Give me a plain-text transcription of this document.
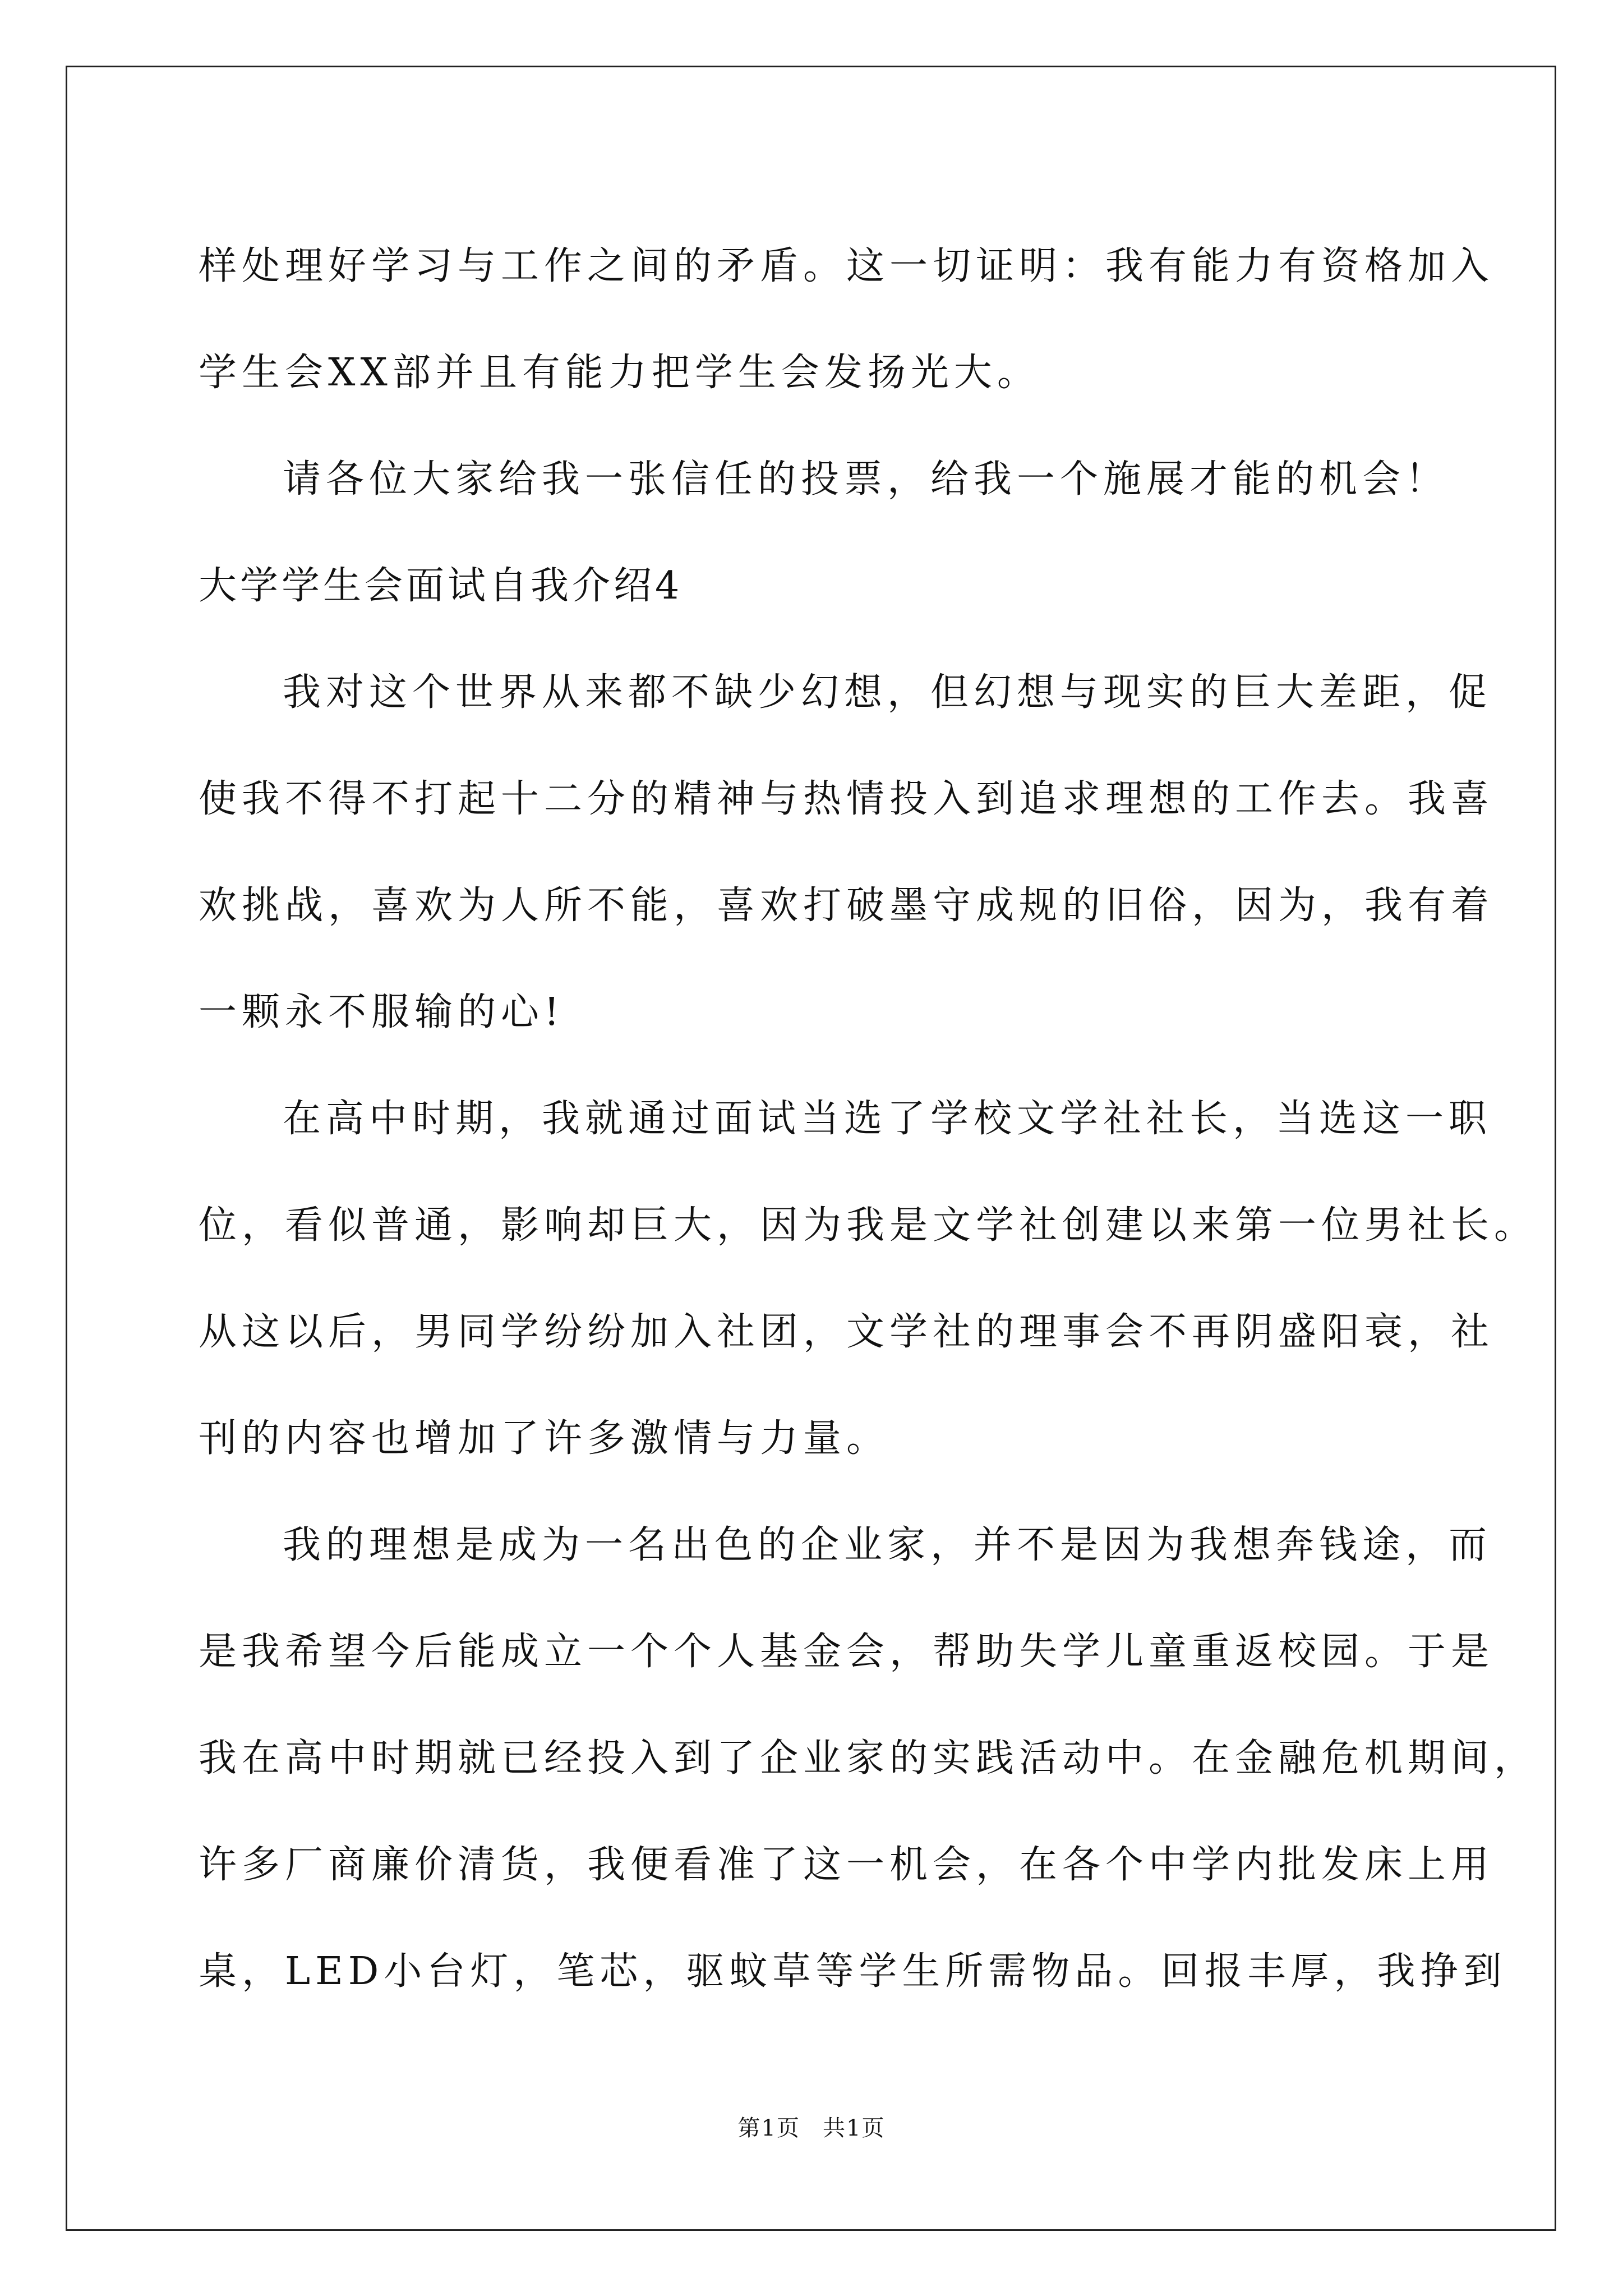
样处理好学习与工作之间的矛盾。这一切证明：我有能力有资格加入
学生会XX部并且有能力把学生会发扬光大。
请各位大家给我一张信任的投票，给我一个施展才能的机会！
大学学生会面试自我介绍4
我对这个世界从来都不缺少幻想，但幻想与现实的巨大差距，促
使我不得不打起十二分的精神与热情投入到追求理想的工作去。我喜
欢挑战，喜欢为人所不能，喜欢打破墨守成规的旧俗，因为，我有着
一颗永不服输的心!
在高中时期，我就通过面试当选了学校文学社社长，当选这一职
位，看似普通，影响却巨大，因为我是文学社创建以来第一位男社长。
从这以后，男同学纷纷加入社团，文学社的理事会不再阴盛阳衰，社
刊的内容也增加了许多激情与力量。
我的理想是成为一名出色的企业家，并不是因为我想奔钱途，而
是我希望今后能成立一个个人基金会，帮助失学儿童重返校园。于是
我在高中时期就已经投入到了企业家的实践活动中。在金融危机期间，
许多厂商廉价清货，我便看准了这一机会，在各个中学内批发床上用
桌，LED小台灯，笔芯，驱蚊草等学生所需物品。回报丰厚，我挣到
第1页 共1页
